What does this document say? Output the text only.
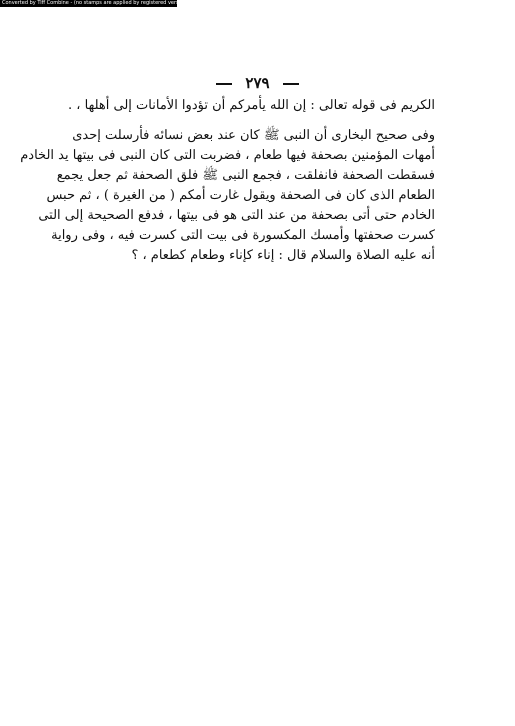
Converted by Tiff Combine - (no stamps are applied by registered version)
٢٧٩
الكريم فى قوله تعالى : إن الله يأمركم أن تؤدوا الأمانات إلى أهلها ، .
وفى صحيح البخارى أن النبى ﷺ كان عند بعض نسائه فأرسلت إحدى
أمهات المؤمنين بصحفة فيها طعام ، فضربت التى كان النبى فى بيتها يد الخادم
فسقطت الصحفة فانفلقت ، فجمع النبى ﷺ فلق الصحفة ثم جعل يجمع
الطعام الذى كان فى الصحفة ويقول غارت أمكم ( من الغيرة ) ، ثم حبس
الخادم حتى أتى بصحفة من عند التى هو فى بيتها ، فدفع الصحيحة إلى التى
كسرت صحفتها وأمسك المكسورة فى بيت التى كسرت فيه ، وفى رواية
أنه عليه الصلاة والسلام قال : إناء كإناء وطعام كطعام ، ؟
